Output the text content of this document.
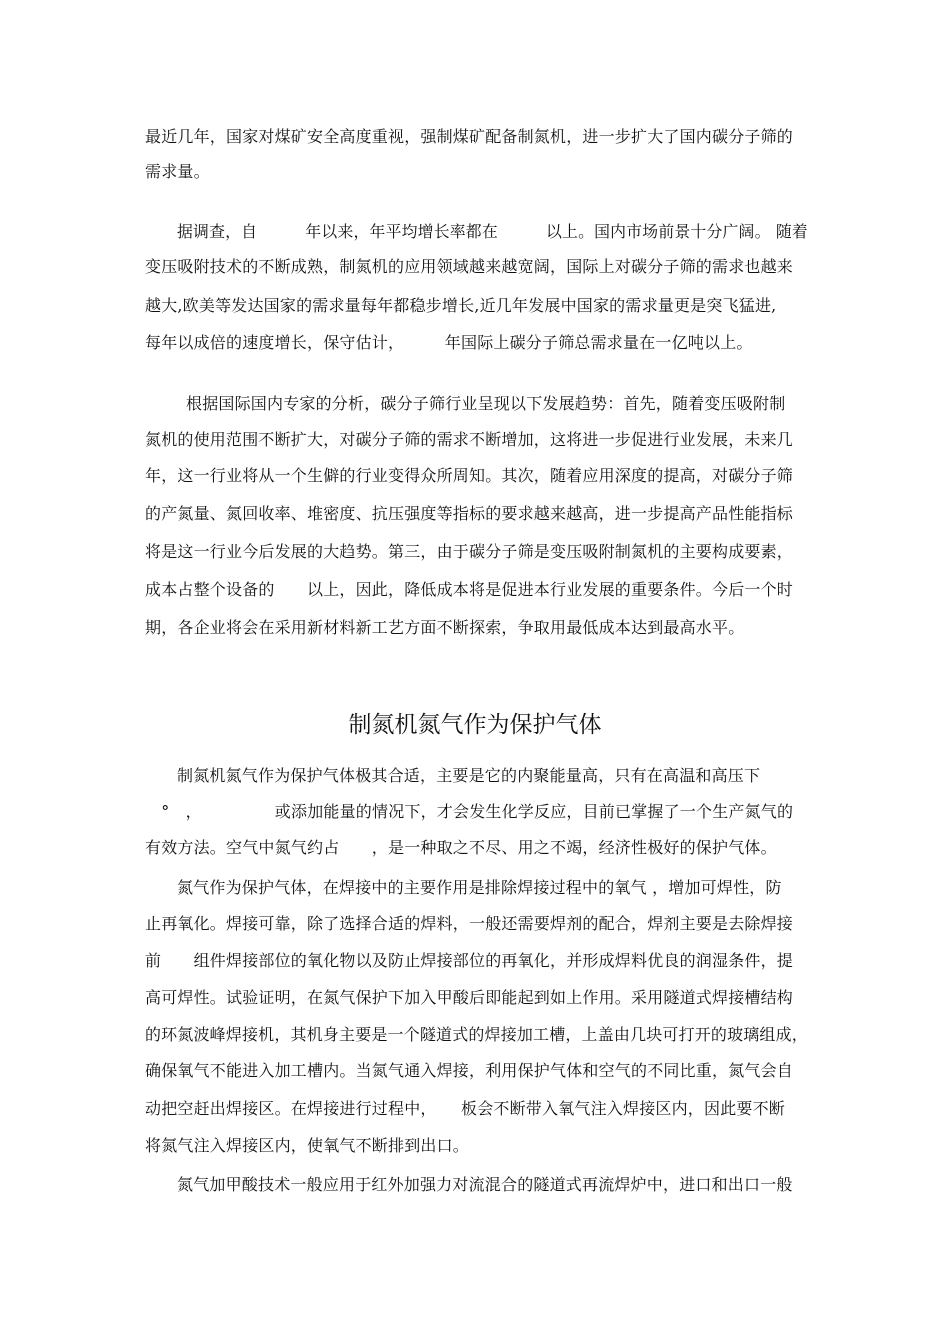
最近几年，国家对煤矿安全高度重视，强制煤矿配备制氮机，进一步扩大了国内碳分子筛的
需求量。
据调查，自　　　年以来，年平均增长率都在　　　以上。国内市场前景十分广阔。 随着
变压吸附技术的不断成熟，制氮机的应用领域越来越宽阔，国际上对碳分子筛的需求也越来
越大,欧美等发达国家的需求量每年都稳步增长,近几年发展中国家的需求量更是突飞猛进,
每年以成倍的速度增长，保守估计，　　　年国际上碳分子筛总需求量在一亿吨以上。
根据国际国内专家的分析，碳分子筛行业呈现以下发展趋势：首先，随着变压吸附制
氮机的使用范围不断扩大，对碳分子筛的需求不断增加，这将进一步促进行业发展，未来几
年，这一行业将从一个生僻的行业变得众所周知。其次，随着应用深度的提高，对碳分子筛
的产氮量、氮回收率、堆密度、抗压强度等指标的要求越来越高，进一步提高产品性能指标
将是这一行业今后发展的大趋势。第三，由于碳分子筛是变压吸附制氮机的主要构成要素，
成本占整个设备的　　以上，因此，降低成本将是促进本行业发展的重要条件。今后一个时
期，各企业将会在采用新材料新工艺方面不断探索，争取用最低成本达到最高水平。
制氮机氮气作为保护气体
制氮机氮气作为保护气体极其合适，主要是它的内聚能量高，只有在高温和高压下
　°　，　　　　　或添加能量的情况下，才会发生化学反应，目前已掌握了一个生产氮气的
有效方法。空气中氮气约占　　，是一种取之不尽、用之不竭，经济性极好的保护气体。
氮气作为保护气体，在焊接中的主要作用是排除焊接过程中的氧气 ，增加可焊性，防
止再氧化。焊接可靠，除了选择合适的焊料，一般还需要焊剂的配合，焊剂主要是去除焊接
前　　组件焊接部位的氧化物以及防止焊接部位的再氧化，并形成焊料优良的润湿条件，提
高可焊性。试验证明，在氮气保护下加入甲酸后即能起到如上作用。采用隧道式焊接槽结构
的环氮波峰焊接机，其机身主要是一个隧道式的焊接加工槽，上盖由几块可打开的玻璃组成，
确保氧气不能进入加工槽内。当氮气通入焊接，利用保护气体和空气的不同比重，氮气会自
动把空赶出焊接区。在焊接进行过程中，　　板会不断带入氧气注入焊接区内，因此要不断
将氮气注入焊接区内，使氧气不断排到出口。
氮气加甲酸技术一般应用于红外加强力对流混合的隧道式再流焊炉中，进口和出口一般
